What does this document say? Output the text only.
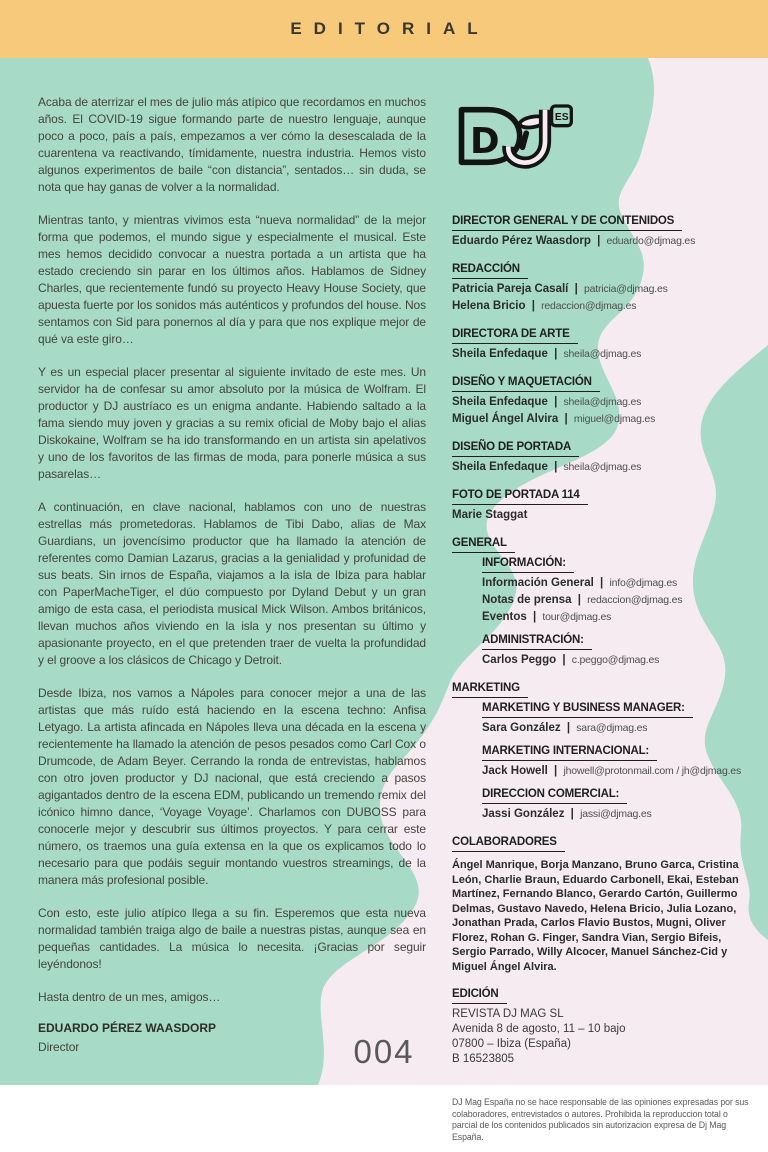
EDITORIAL

Acaba de aterrizar el mes de julio más atípico que recordamos en muchos años. El COVID-19 sigue formando parte de nuestro lenguaje, aunque poco a poco, país a país, empezamos a ver cómo la desescalada de la cuarentena va reactivando, tímidamente, nuestra industria. Hemos visto algunos experimentos de baile “con distancia”, sentados… sin duda, se nota que hay ganas de volver a la normalidad.

Mientras tanto, y mientras vivimos esta “nueva normalidad” de la mejor forma que podemos, el mundo sigue y especialmente el musical. Este mes hemos decidido convocar a nuestra portada a un artista que ha estado creciendo sin parar en los últimos años. Hablamos de Sidney Charles, que recientemente fundó su proyecto Heavy House Society, que apuesta fuerte por los sonidos más auténticos y profundos del house. Nos sentamos con Sid para ponernos al día y para que nos explique mejor de qué va este giro…

Y es un especial placer presentar al siguiente invitado de este mes. Un servidor ha de confesar su amor absoluto por la música de Wolfram. El productor y DJ austríaco es un enigma andante. Habiendo saltado a la fama siendo muy joven y gracias a su remix oficial de Moby bajo el alias Diskokaine, Wolfram se ha ido transformando en un artista sin apelativos y uno de los favoritos de las firmas de moda, para ponerle música a sus pasarelas…

A continuación, en clave nacional, hablamos con uno de nuestras estrellas más prometedoras. Hablamos de Tibi Dabo, alias de Max Guardians, un jovencísimo productor que ha llamado la atención de referentes como Damian Lazarus, gracias a la genialidad y profunidad de sus beats. Sin irnos de España, viajamos a la isla de Ibiza para hablar con PaperMacheTiger, el dúo compuesto por Dyland Debut y un gran amigo de esta casa, el periodista musical Mick Wilson. Ambos británicos, llevan muchos años viviendo en la isla y nos presentan su último y apasionante proyecto, en el que pretenden traer de vuelta la profundidad y el groove a los clásicos de Chicago y Detroit.

Desde Ibiza, nos vamos a Nápoles para conocer mejor a una de las artistas que más ruído está haciendo en la escena techno: Anfisa Letyago. La artista afincada en Nápoles lleva una década en la escena y recientemente ha llamado la atención de pesos pesados como Carl Cox o Drumcode, de Adam Beyer. Cerrando la ronda de entrevistas, hablamos con otro joven productor y DJ nacional, que está creciendo a pasos agigantados dentro de la escena EDM, publicando un tremendo remix del icónico himno dance, ‘Voyage Voyage’. Charlamos con DUBOSS para conocerle mejor y descubrir sus últimos proyectos. Y para cerrar este número, os traemos una guía extensa en la que os explicamos todo lo necesario para que podáis seguir montando vuestros streamings, de la manera más profesional posible.

Con esto, este julio atípico llega a su fin. Esperemos que esta nueva normalidad también traiga algo de baile a nuestras pistas, aunque sea en pequeñas cantidades. La música lo necesita. ¡Gracias por seguir leyéndonos!

Hasta dentro de un mes, amigos…

EDUARDO PÉREZ WAASDORP

Director

D
ES
DIRECTOR GENERAL Y DE CONTENIDOS
Eduardo Pérez Waasdorp | eduardo@djmag.es
REDACCIÓN
Patricia Pareja Casalí | patricia@djmag.es
Helena Bricio | redaccion@djmag.es
DIRECTORA DE ARTE
Sheila Enfedaque | sheila@djmag.es
DISEÑO Y MAQUETACIÓN
Sheila Enfedaque | sheila@djmag.es
Miguel Ángel Alvira | miguel@djmag.es
DISEÑO DE PORTADA
Sheila Enfedaque | sheila@djmag.es
FOTO DE PORTADA 114
Marie Staggat
GENERAL
INFORMACIÓN:
Información General | info@djmag.es
Notas de prensa | redaccion@djmag.es
Eventos | tour@djmag.es
ADMINISTRACIÓN:
Carlos Peggo | c.peggo@djmag.es
MARKETING
MARKETING Y BUSINESS MANAGER:
Sara González | sara@djmag.es
MARKETING INTERNACIONAL:
Jack Howell | jhowell@protonmail.com / jh@djmag.es
DIRECCION COMERCIAL:
Jassi González | jassi@djmag.es
COLABORADORES

Ángel Manrique, Borja Manzano, Bruno Garca, Cristina León, Charlie Braun, Eduardo Carbonell, Ekai, Esteban Martínez, Fernando Blanco, Gerardo Cartón, Guillermo Delmas, Gustavo Navedo, Helena Bricio, Julia Lozano, Jonathan Prada, Carlos Flavio Bustos, Mugni, Oliver Florez, Rohan G. Finger, Sandra Vian, Sergio Bifeis, Sergio Parrado, Willy Alcocer, Manuel Sánchez-Cid y Miguel Ángel Alvira.

EDICIÓN
REVISTA DJ MAG SL
Avenida 8 de agosto, 11 – 10 bajo
07800 – Ibiza (España)
B 16523805

DJ Mag España no se hace responsable de las opiniones expresadas por sus colaboradores, entrevistados o autores. Prohibida la reproduccion total o parcial de los contenidos publicados sin autorizacion expresa de Dj Mag España.

004
